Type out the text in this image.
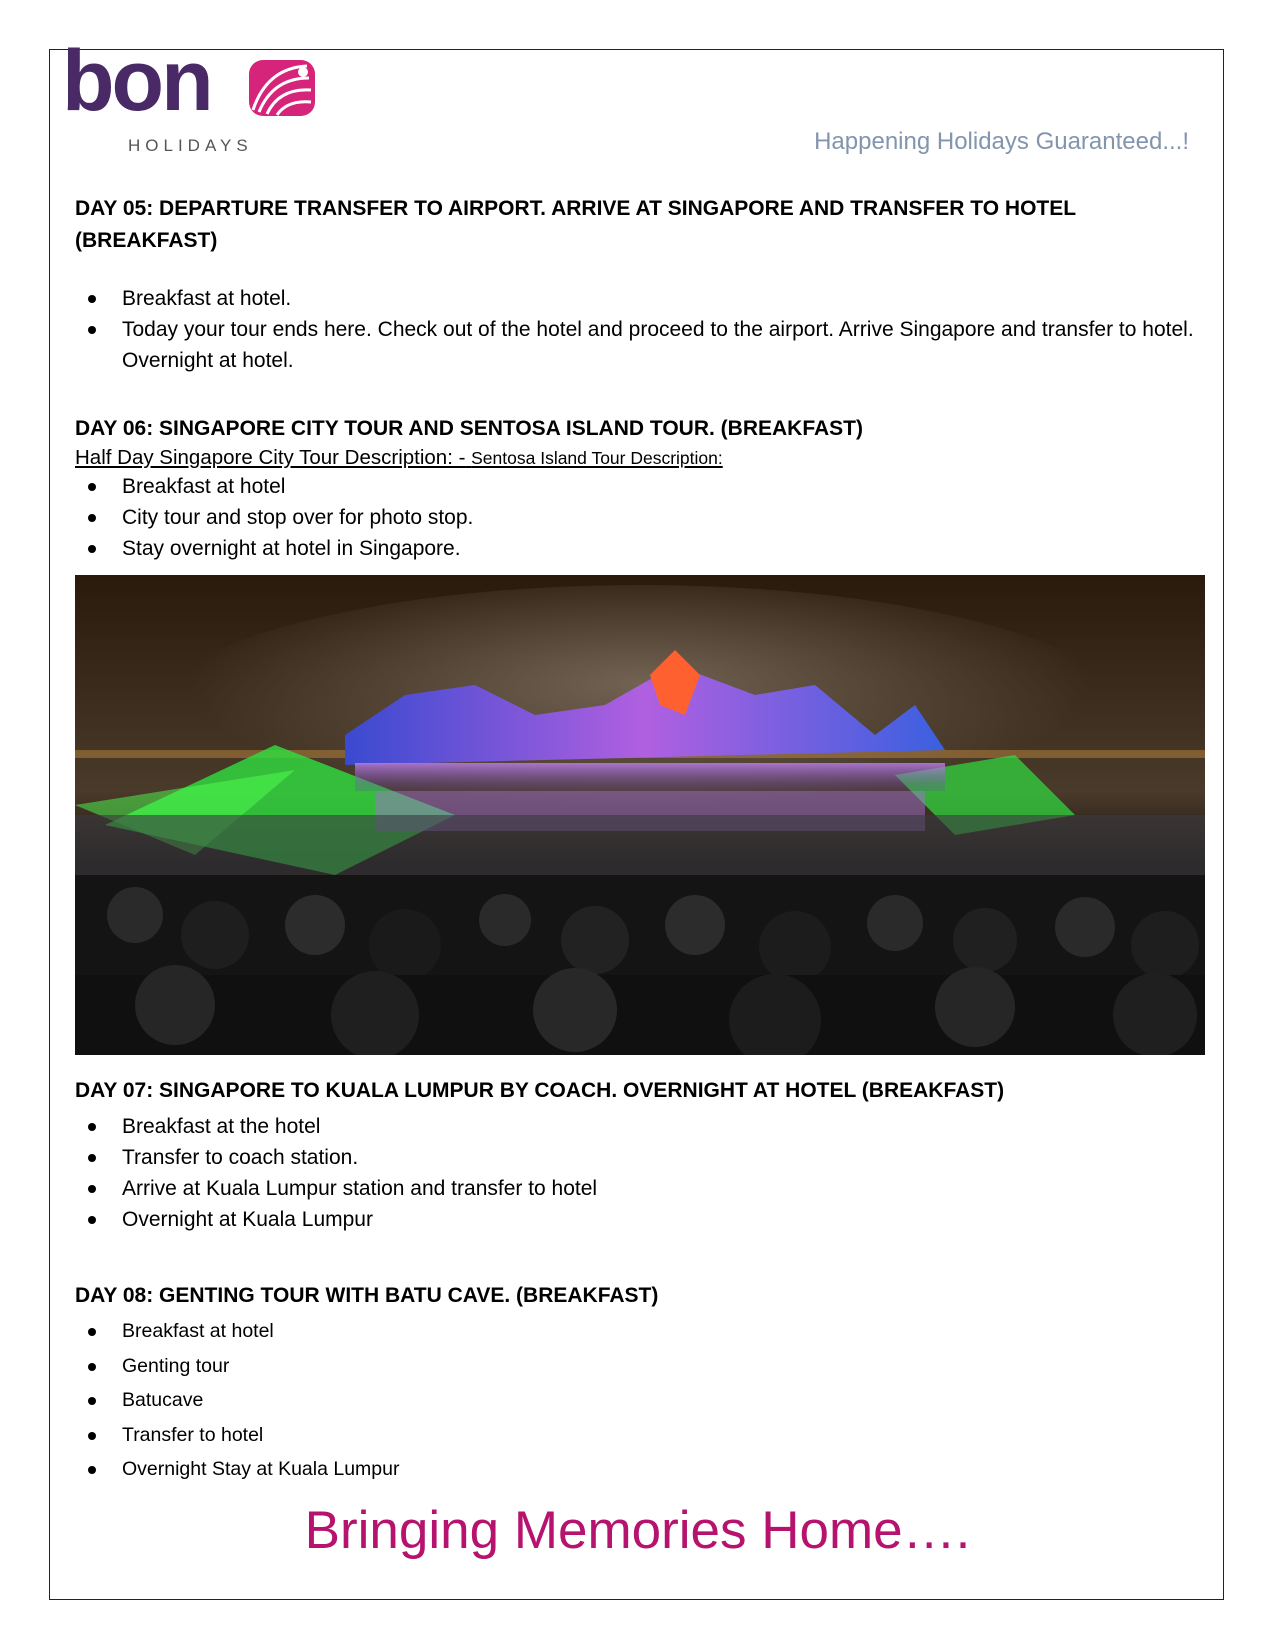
bon
HOLIDAYS	Happening Holidays Guaranteed...!

DAY 05: DEPARTURE TRANSFER TO AIRPORT. ARRIVE AT SINGAPORE AND TRANSFER TO HOTEL (BREAKFAST)

Breakfast at hotel.
Today your tour ends here. Check out of the hotel and proceed to the airport. Arrive Singapore and transfer to hotel. Overnight at hotel.

DAY 06: SINGAPORE CITY TOUR AND SENTOSA ISLAND TOUR. (BREAKFAST)

Half Day Singapore City Tour Description: - Sentosa Island Tour Description:

Breakfast at hotel
City tour and stop over for photo stop.
Stay overnight at hotel in Singapore.

DAY 07: SINGAPORE TO KUALA LUMPUR BY COACH. OVERNIGHT AT HOTEL (BREAKFAST)

Breakfast at the hotel
Transfer to coach station.
Arrive at Kuala Lumpur station and transfer to hotel
Overnight at Kuala Lumpur

DAY 08: GENTING TOUR WITH BATU CAVE. (BREAKFAST)

Breakfast at hotel
Genting tour
Batucave
Transfer to hotel
Overnight Stay at Kuala Lumpur
Bringing Memories Home….
